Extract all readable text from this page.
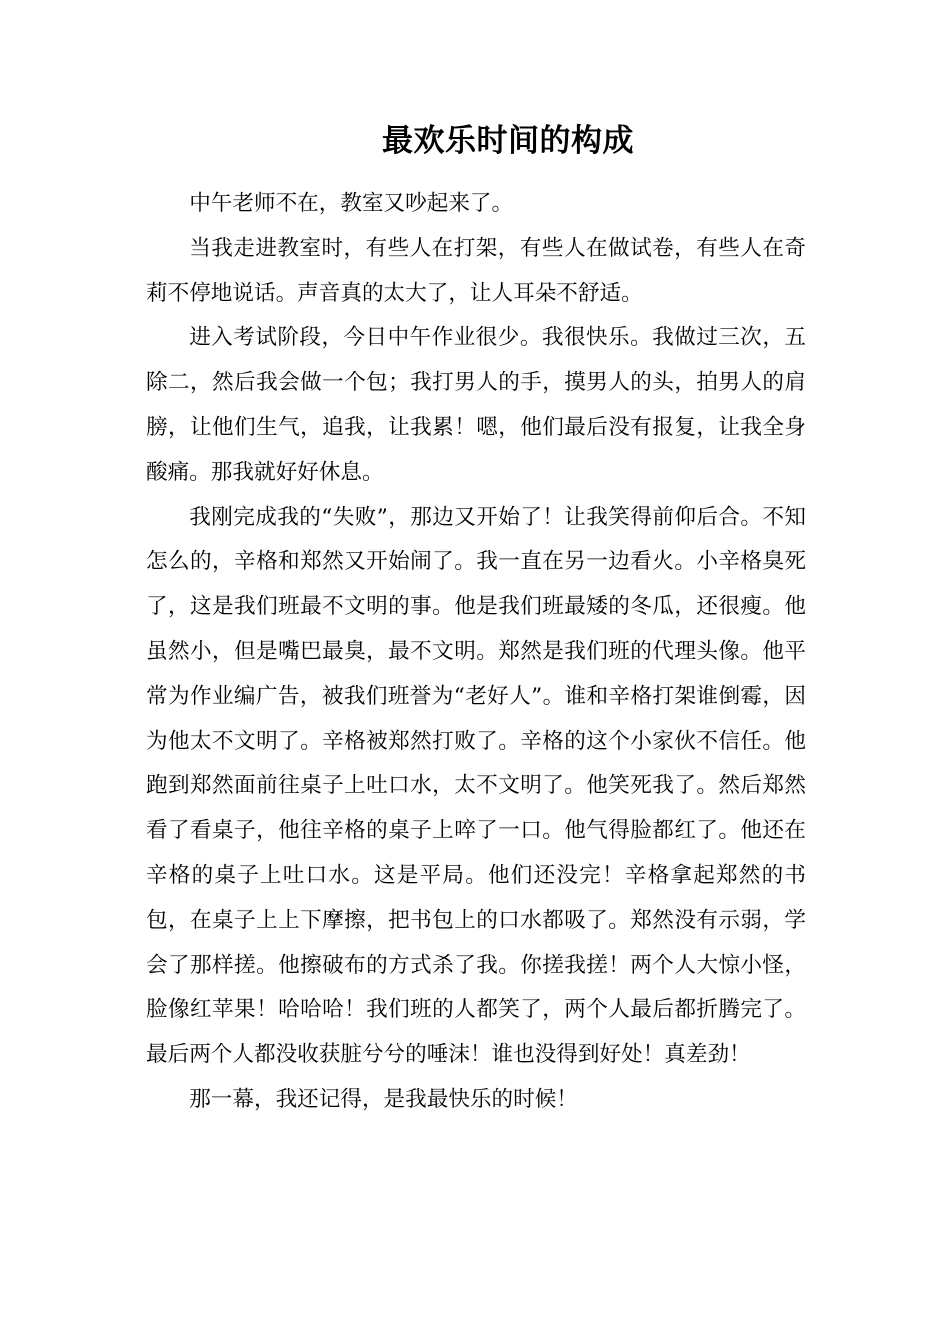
最欢乐时间的构成

中午老师不在，教室又吵起来了。

当我走进教室时，有些人在打架，有些人在做试卷，有些人在奇莉不停地说话。声音真的太大了，让人耳朵不舒适。

进入考试阶段，今日中午作业很少。我很快乐。我做过三次，五除二，然后我会做一个包；我打男人的手，摸男人的头，拍男人的肩膀，让他们生气，追我，让我累！嗯，他们最后没有报复，让我全身酸痛。那我就好好休息。

我刚完成我的“失败”，那边又开始了！让我笑得前仰后合。不知怎么的，辛格和郑然又开始闹了。我一直在另一边看火。小辛格臭死了，这是我们班最不文明的事。他是我们班最矮的冬瓜，还很瘦。他虽然小，但是嘴巴最臭，最不文明。郑然是我们班的代理头像。他平常为作业编广告，被我们班誉为“老好人”。谁和辛格打架谁倒霉，因为他太不文明了。辛格被郑然打败了。辛格的这个小家伙不信任。他跑到郑然面前往桌子上吐口水，太不文明了。他笑死我了。然后郑然看了看桌子，他往辛格的桌子上啐了一口。他气得脸都红了。他还在辛格的桌子上吐口水。这是平局。他们还没完！辛格拿起郑然的书包，在桌子上上下摩擦，把书包上的口水都吸了。郑然没有示弱，学会了那样搓。他擦破布的方式杀了我。你搓我搓！两个人大惊小怪，脸像红苹果！哈哈哈！我们班的人都笑了，两个人最后都折腾完了。最后两个人都没收获脏兮兮的唾沫！谁也没得到好处！真差劲！

那一幕，我还记得，是我最快乐的时候！
